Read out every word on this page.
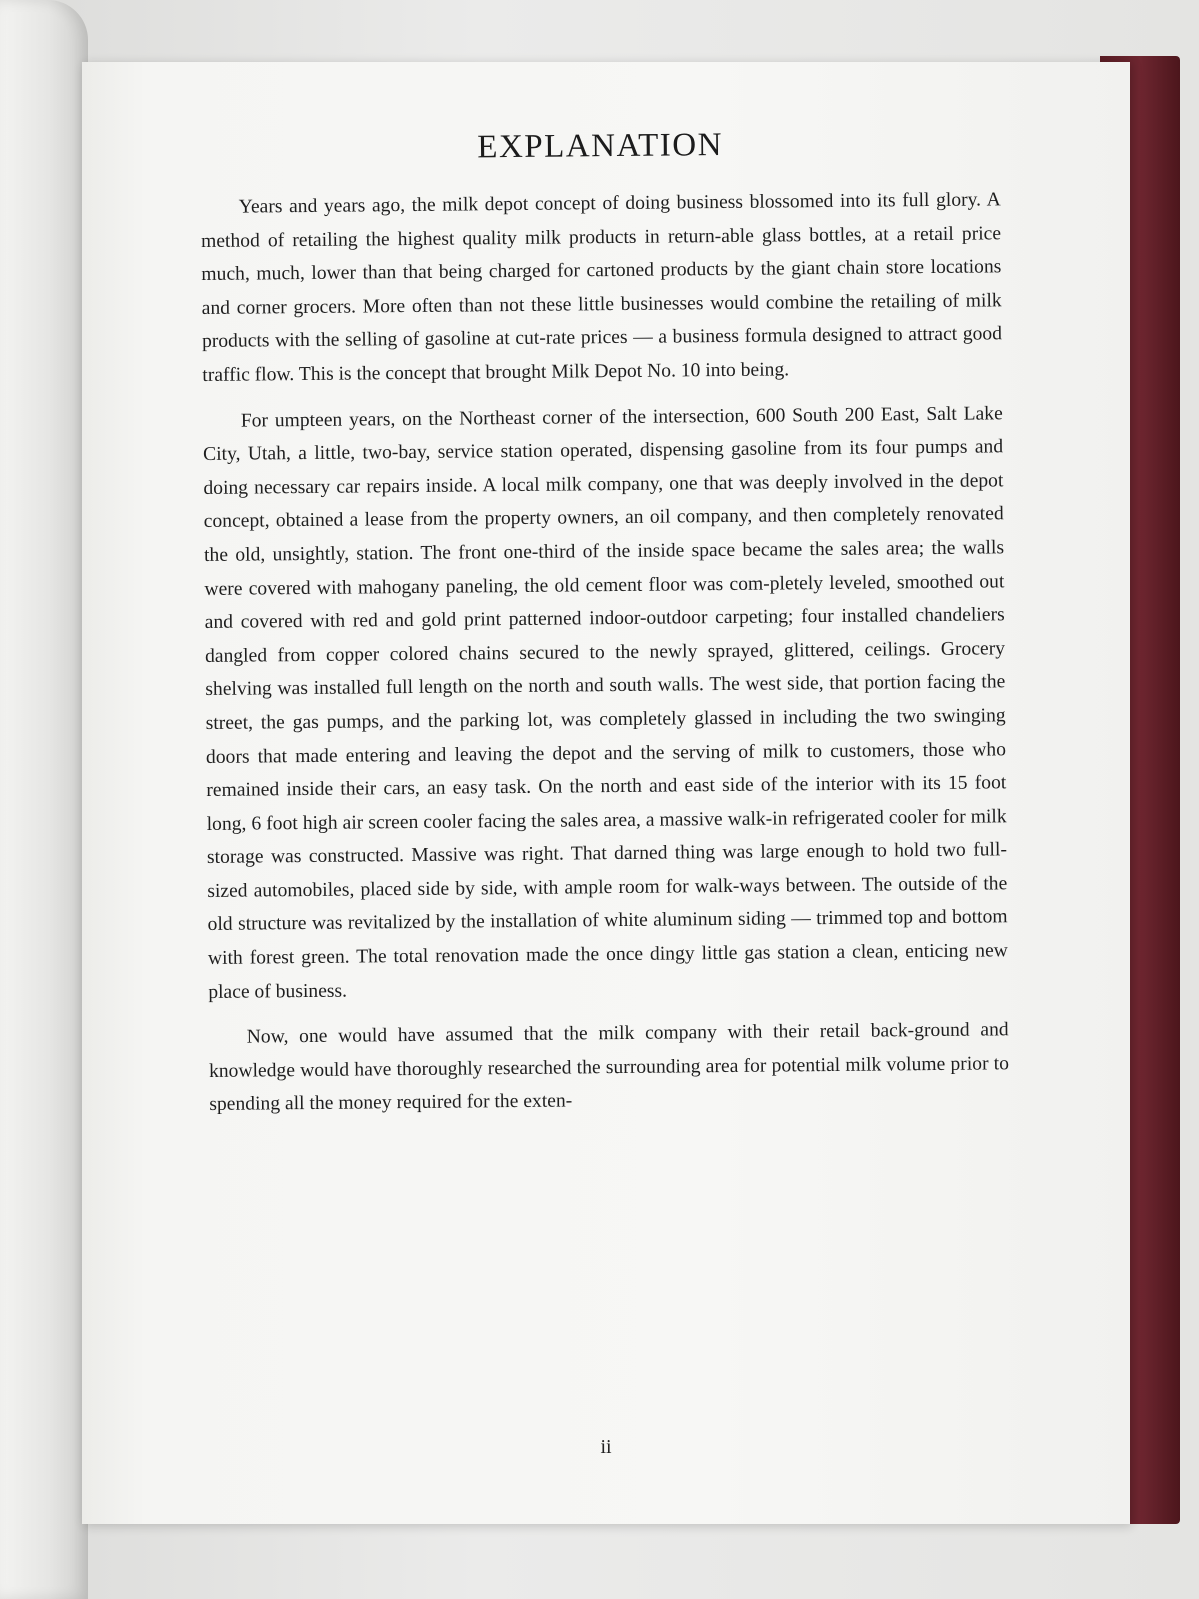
EXPLANATION

Years and years ago, the milk depot concept of doing business blossomed into its full glory. A method of retailing the highest quality milk products in return-able glass bottles, at a retail price much, much, lower than that being charged for cartoned products by the giant chain store locations and corner grocers. More often than not these little businesses would combine the retailing of milk products with the selling of gasoline at cut-rate prices — a business formula designed to attract good traffic flow. This is the concept that brought Milk Depot No. 10 into being.

For umpteen years, on the Northeast corner of the intersection, 600 South 200 East, Salt Lake City, Utah, a little, two-bay, service station operated, dispensing gasoline from its four pumps and doing necessary car repairs inside. A local milk company, one that was deeply involved in the depot concept, obtained a lease from the property owners, an oil company, and then completely renovated the old, unsightly, station. The front one-third of the inside space became the sales area; the walls were covered with mahogany paneling, the old cement floor was com-pletely leveled, smoothed out and covered with red and gold print patterned indoor-outdoor carpeting; four installed chandeliers dangled from copper colored chains secured to the newly sprayed, glittered, ceilings. Grocery shelving was installed full length on the north and south walls. The west side, that portion facing the street, the gas pumps, and the parking lot, was completely glassed in including the two swinging doors that made entering and leaving the depot and the serving of milk to customers, those who remained inside their cars, an easy task. On the north and east side of the interior with its 15 foot long, 6 foot high air screen cooler facing the sales area, a massive walk-in refrigerated cooler for milk storage was constructed. Massive was right. That darned thing was large enough to hold two full-sized automobiles, placed side by side, with ample room for walk-ways between. The outside of the old structure was revitalized by the installation of white aluminum siding — trimmed top and bottom with forest green. The total renovation made the once dingy little gas station a clean, enticing new place of business.

Now, one would have assumed that the milk company with their retail back-ground and knowledge would have thoroughly researched the surrounding area for potential milk volume prior to spending all the money required for the exten-

ii
